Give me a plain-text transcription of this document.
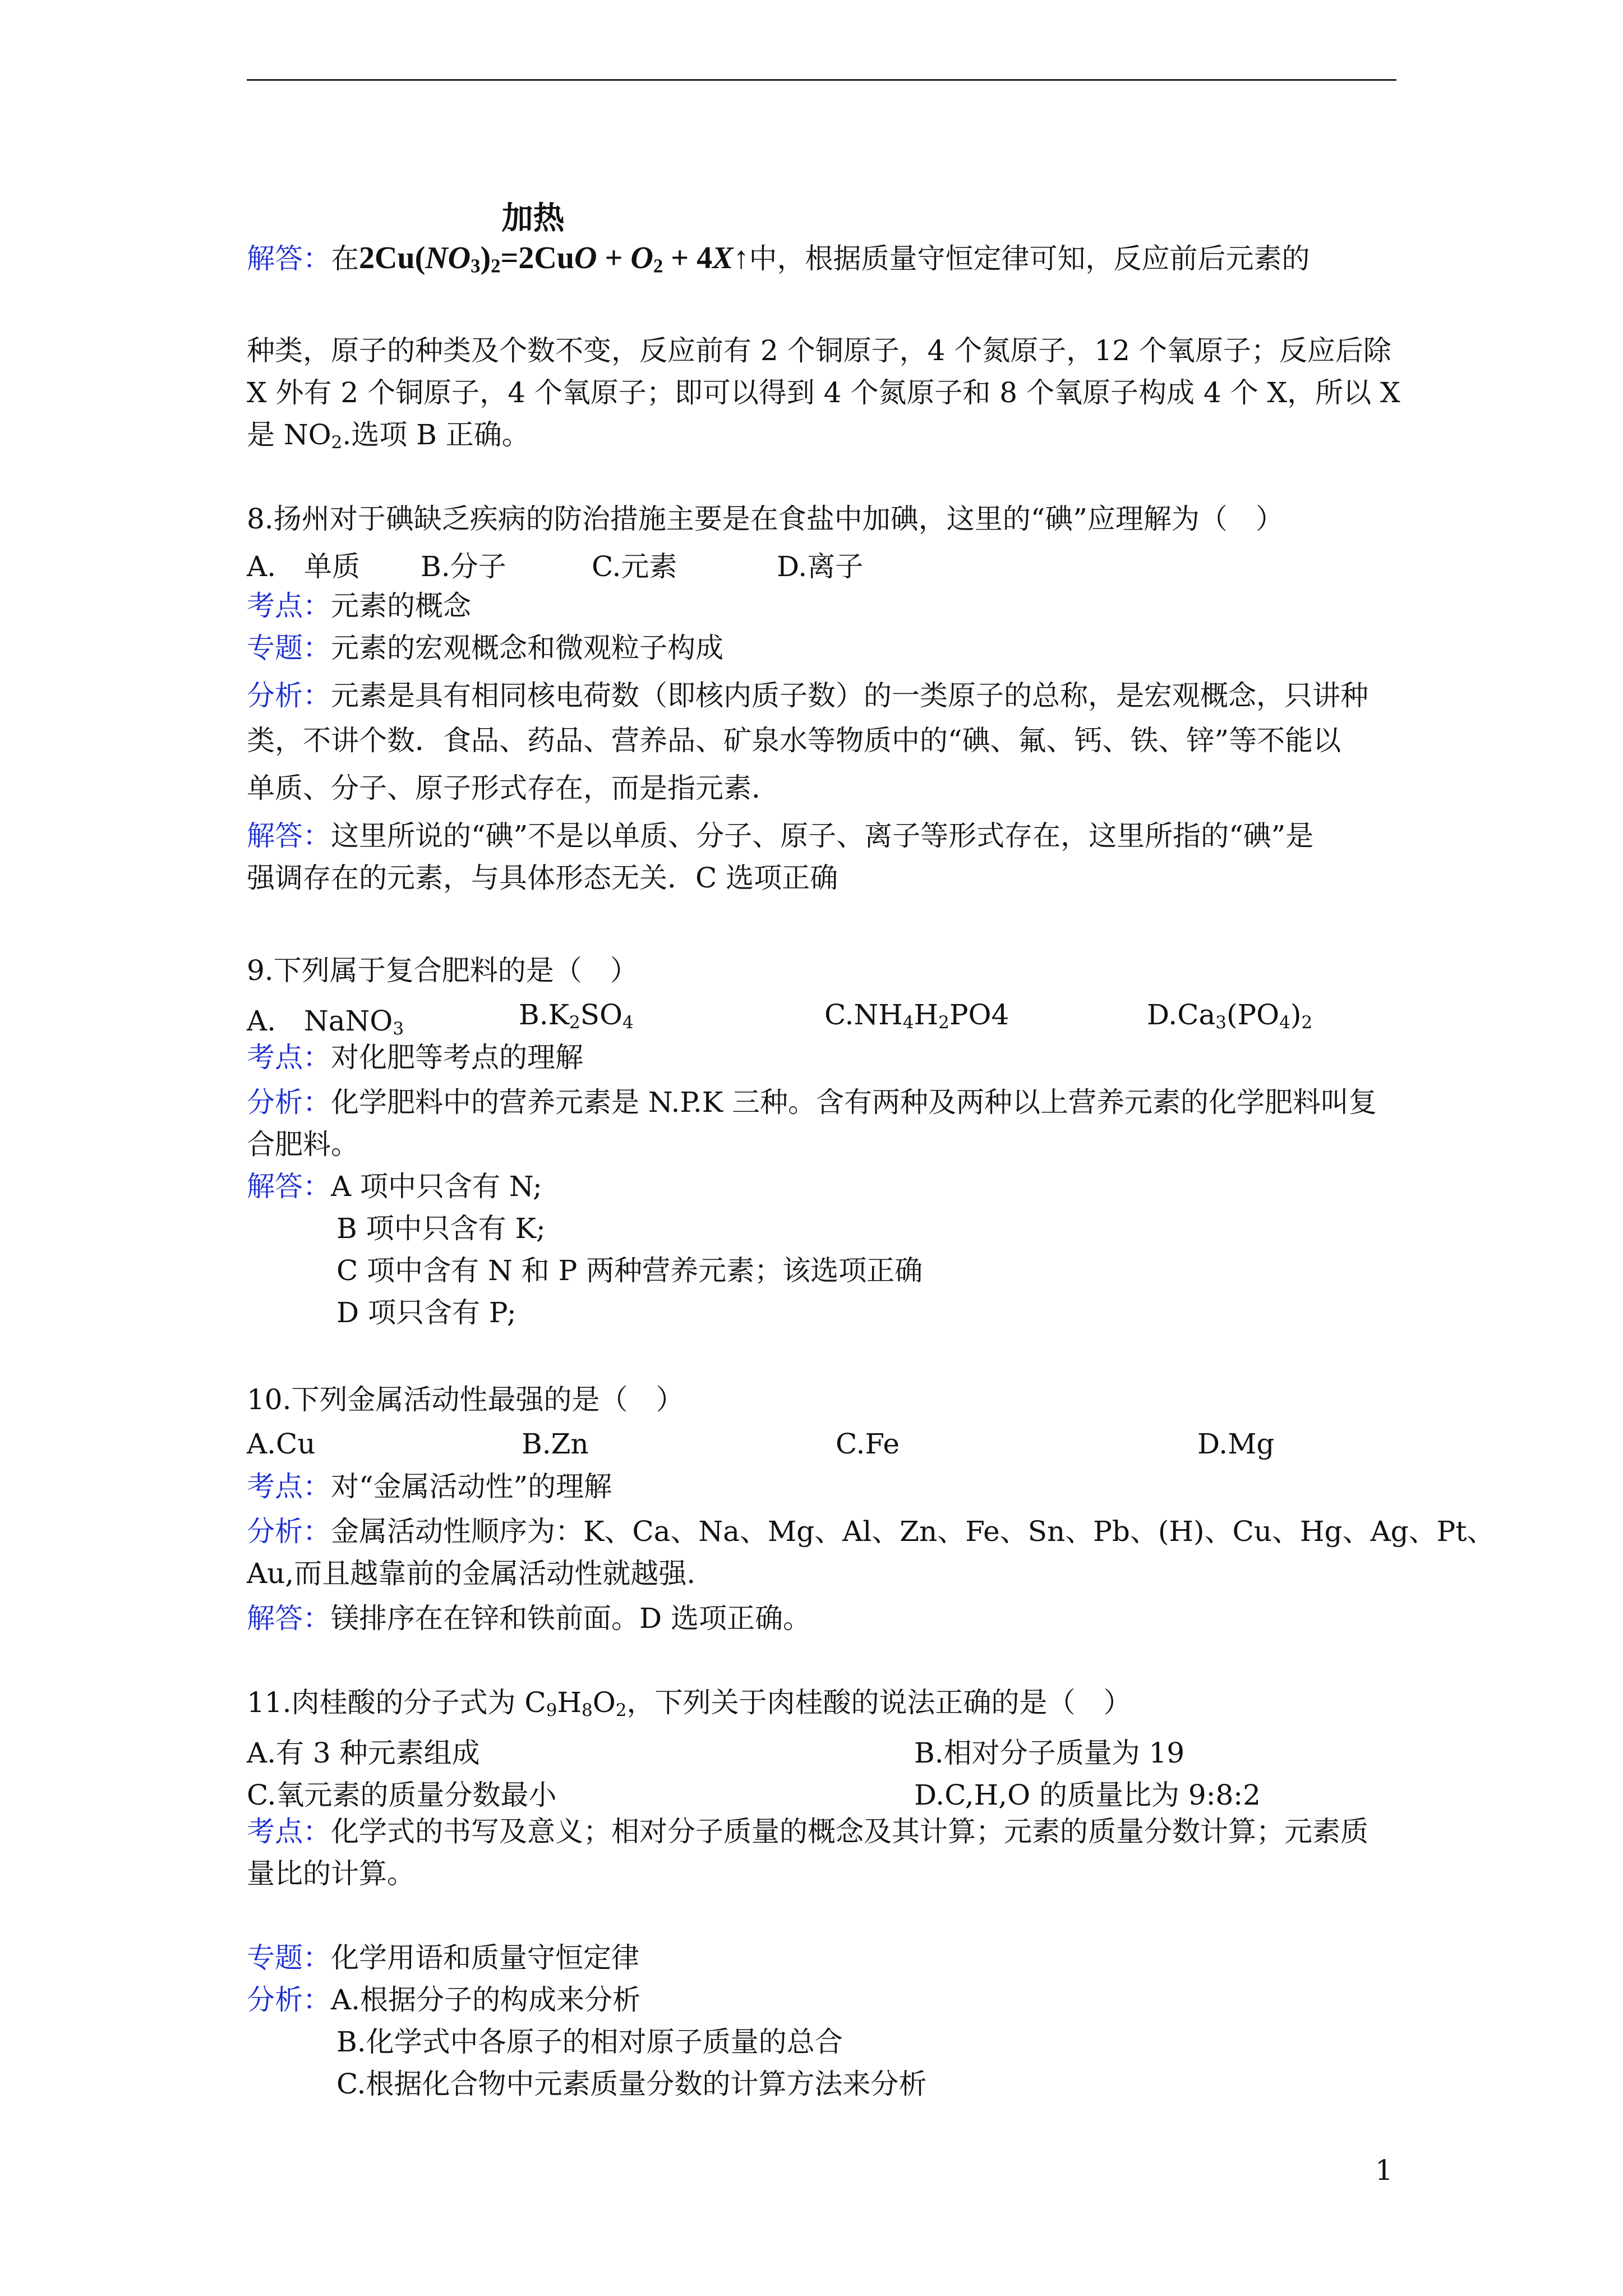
解答：在$2Cu(NO_3)_2$
加热
$=2CuO + O_2$ + 4X↑中，根据质量守恒定律可知，反应前后元素的
种类，原子的种类及个数不变，反应前有 2 个铜原子，4 个氮原子，12 个氧原子；反应后除
X 外有 2 个铜原子，4 个氧原子；即可以得到 4 个氮原子和 8 个氧原子构成 4 个 X，所以 X
是 $NO_2$.选项 B 正确。
8.扬州对于碘缺乏疾病的防治措施主要是在食盐中加碘，这里的“碘”应理解为（　）
A.　单质 B.分子	C.元素	D.离子
考点：元素的概念
专题：元素的宏观概念和微观粒子构成
分析：元素是具有相同核电荷数（即核内质子数）的一类原子的总称，是宏观概念，只讲种
类，不讲个数．食品、药品、营养品、矿泉水等物质中的“碘、氟、钙、铁、锌”等不能以
单质、分子、原子形式存在，而是指元素．
解答：这里所说的“碘”不是以单质、分子、原子、离子等形式存在，这里所指的“碘”是
强调存在的元素，与具体形态无关．C 选项正确
9.下列属于复合肥料的是（　）
A.　NaNO$_3$	$B.K_2SO_4$	$C.NH_4H_2PO4$	$D.Ca_3(PO_4)_2$
考点：对化肥等考点的理解
分析：化学肥料中的营养元素是 N.P.K 三种。含有两种及两种以上营养元素的化学肥料叫复
合肥料。
解答：A 项中只含有 N;
B 项中只含有 K;
C 项中含有 N 和 P 两种营养元素；该选项正确
D 项只含有 P;
10.下列金属活动性最强的是（　）
A.Cu	B.Zn	C.Fe	D.Mg
考点：对“金属活动性”的理解
分析：金属活动性顺序为：K、Ca、Na、Mg、Al、Zn、Fe、Sn、Pb、(H)、Cu、Hg、Ag、Pt、
Au,而且越靠前的金属活动性就越强.
解答：镁排序在在锌和铁前面。D 选项正确。
11.肉桂酸的分子式为 $C_9H_8O_2$，下列关于肉桂酸的说法正确的是（　）
A.有 3 种元素组成	B.相对分子质量为 19
C.氧元素的质量分数最小	D.C,H,O 的质量比为 9:8:2
考点：化学式的书写及意义；相对分子质量的概念及其计算；元素的质量分数计算；元素质
量比的计算。
专题：化学用语和质量守恒定律
分析：A.根据分子的构成来分析
B.化学式中各原子的相对原子质量的总合
C.根据化合物中元素质量分数的计算方法来分析
1
